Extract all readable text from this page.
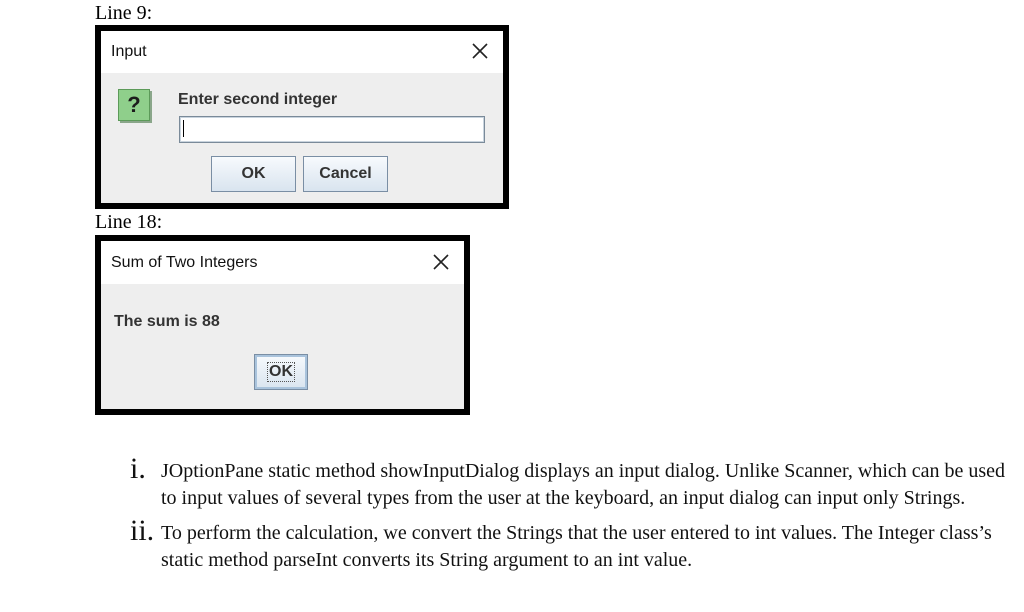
Line 9:
Input
?	Enter second integer
OK	Cancel
Line 18:
Sum of Two Integers
The sum is 88
OK
i. JOptionPane static method showInputDialog displays an input dialog. Unlike Scanner, which can be used to input values of several types from the user at the keyboard, an input dialog can input only Strings.
ii. To perform the calculation, we convert the Strings that the user entered to int values. The Integer class’s static method parseInt converts its String argument to an int value.
